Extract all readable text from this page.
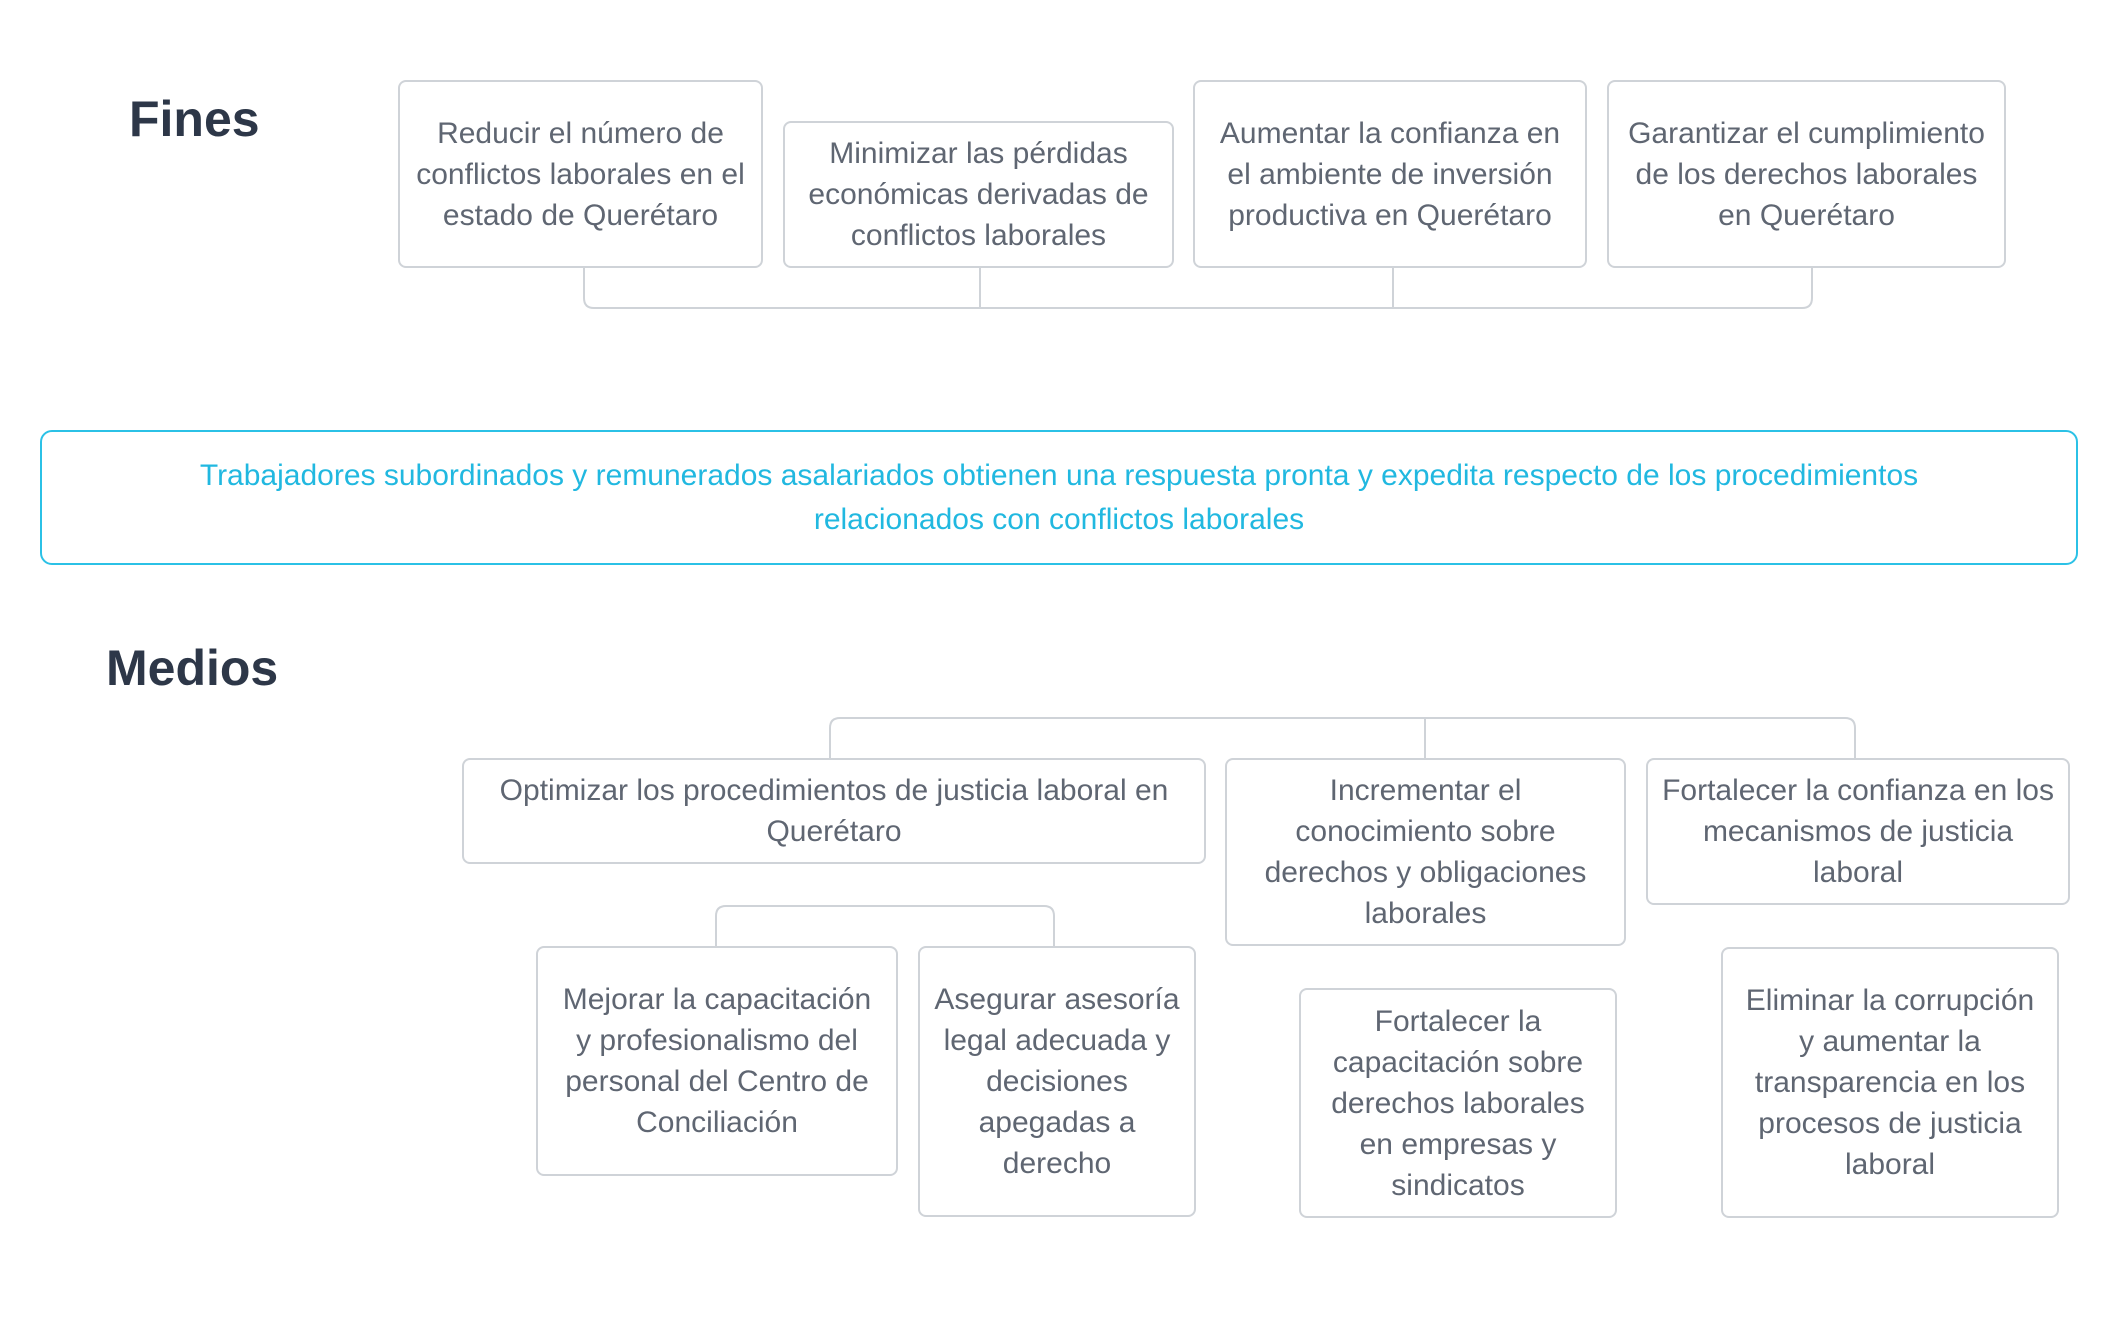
Fines	Reducir el número de conflictos laborales en el estado de Querétaro
Minimizar las pérdidas económicas derivadas de conflictos laborales
Aumentar la confianza en el ambiente de inversión productiva en Querétaro
Garantizar el cumplimiento de los derechos laborales en Querétaro
Trabajadores subordinados y remunerados asalariados obtienen una respuesta pronta y expedita respecto de los procedimientos relacionados con conflictos laborales
Medios
Optimizar los procedimientos de justicia laboral en Querétaro
Incrementar el conocimiento sobre derechos y obligaciones laborales
Fortalecer la confianza en los mecanismos de justicia laboral
Mejorar la capacitación y profesionalismo del personal del Centro de Conciliación
Asegurar asesoría legal adecuada y decisiones apegadas a derecho
Fortalecer la capacitación sobre derechos laborales en empresas y sindicatos
Eliminar la corrupción y aumentar la transparencia en los procesos de justicia laboral
